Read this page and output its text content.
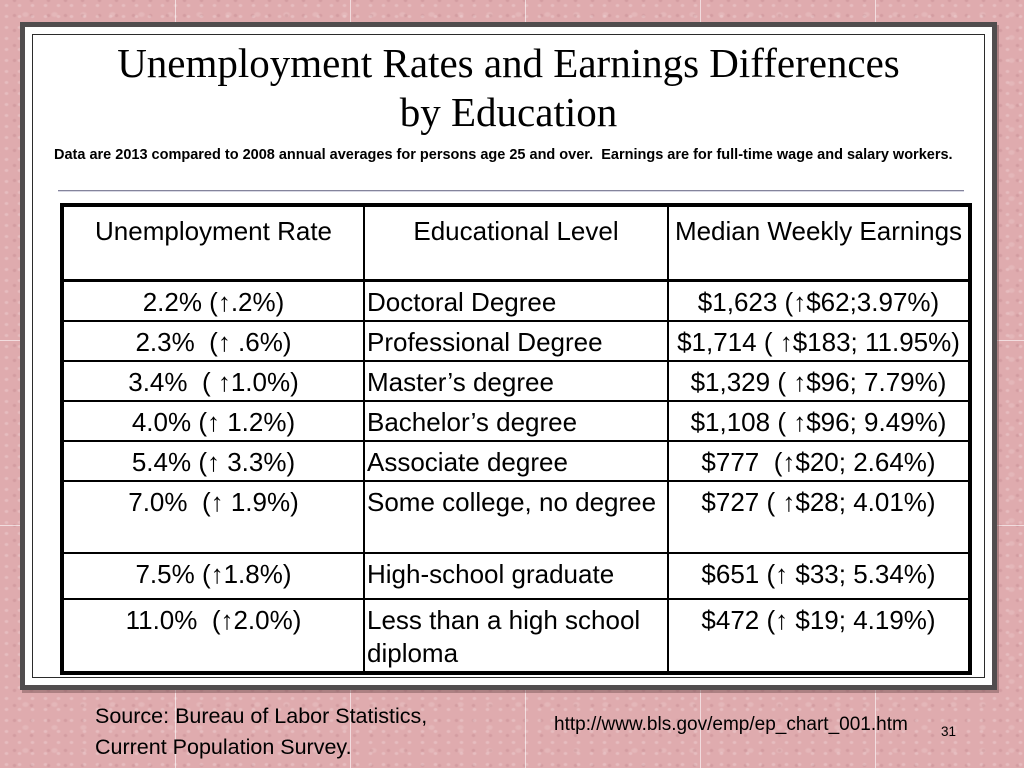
Unemployment Rates and Earnings Differences
by Education

Data are 2013 compared to 2008 annual averages for persons age 25 and over.  Earnings are for full-time wage and salary workers.

Unemployment Rate	Educational Level	Median Weekly Earnings
2.2% (↑.2%)	Doctoral Degree	$1,623 (↑$62;3.97%)
2.3%  (↑ .6%)	Professional Degree	$1,714 ( ↑$183; 11.95%)
3.4%  ( ↑1.0%)	Master’s degree	$1,329 ( ↑$96; 7.79%)
4.0% (↑ 1.2%)	Bachelor’s degree	$1,108 ( ↑$96; 9.49%)
5.4% (↑ 3.3%)	Associate degree	$777  (↑$20; 2.64%)
7.0%  (↑ 1.9%)	Some college, no degree	$727 ( ↑$28; 4.01%)
7.5% (↑1.8%)	High-school graduate	$651 (↑ $33; 5.34%)
11.0%  (↑2.0%)	Less than a high school diploma	$472 (↑ $19; 4.19%)
Source: Bureau of Labor Statistics,
Current Population Survey.
http://www.bls.gov/emp/ep_chart_001.htm 31
